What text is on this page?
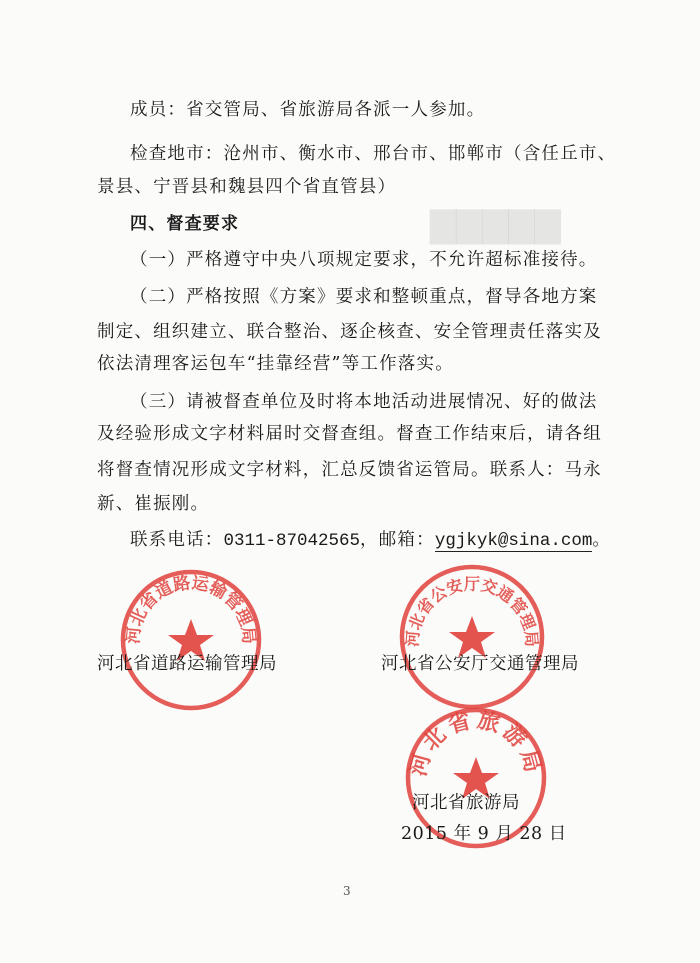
▇▇▇▇▇
成员：省交管局、省旅游局各派一人参加。
检查地市：沧州市、衡水市、邢台市、邯郸市（含任丘市、
景县、宁晋县和魏县四个省直管县）
四、督查要求
（一）严格遵守中央八项规定要求，不允许超标准接待。
（二）严格按照《方案》要求和整顿重点，督导各地方案
制定、组织建立、联合整治、逐企核查、安全管理责任落实及
依法清理客运包车“挂靠经营”等工作落实。
（三）请被督查单位及时将本地活动进展情况、好的做法
及经验形成文字材料届时交督查组。督查工作结束后，请各组
将督查情况形成文字材料，汇总反馈省运管局。联系人：马永
新、崔振刚。
联系电话：0311-87042565，邮箱：ygjkyk@sina.com。
河北省道路运输管理局	河北省公安厅交通管理局
河北省旅游局
河北省道路运输管理局	河北省公安厅交通管理局
河北省旅游局
2015 年 9 月 28 日
3
